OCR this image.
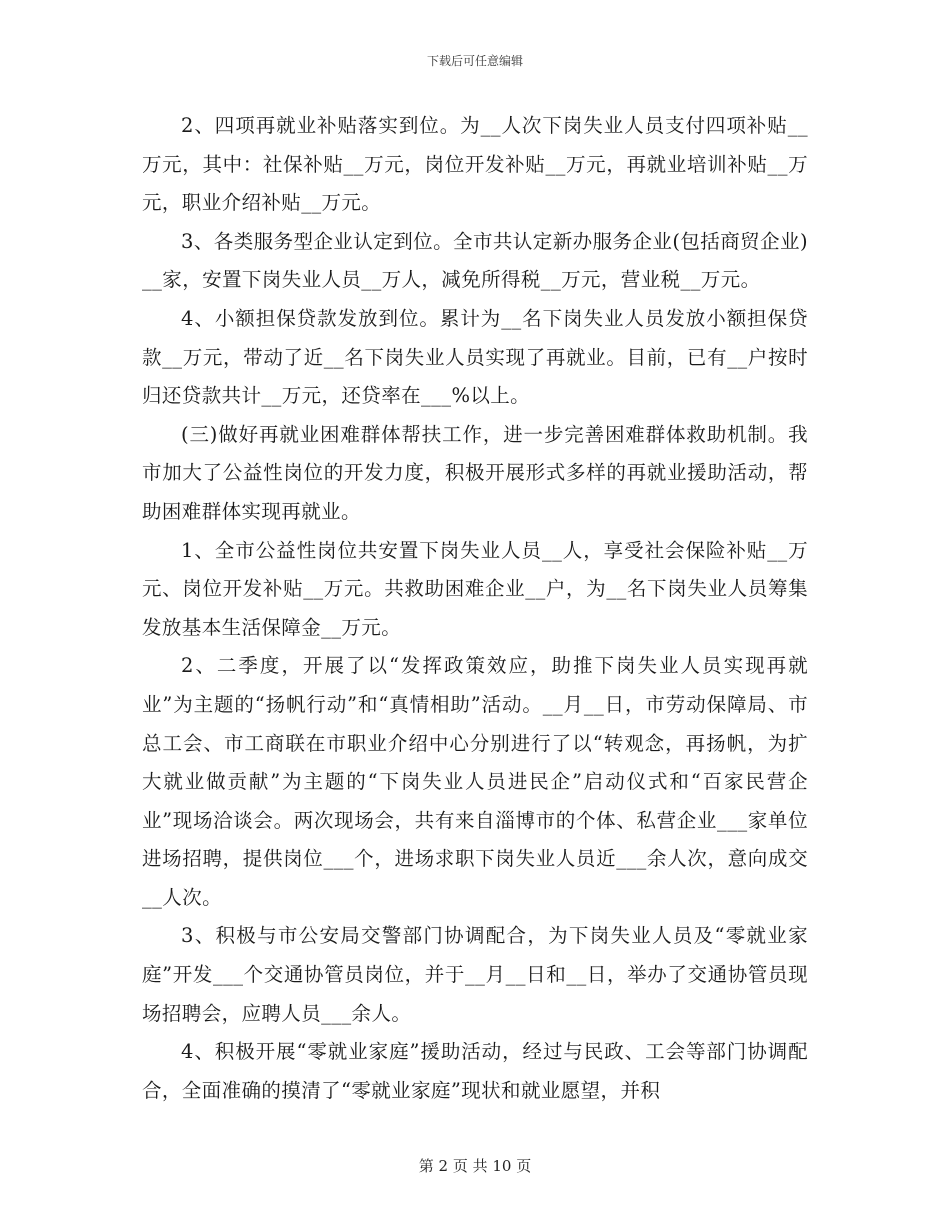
下载后可任意编辑

2、四项再就业补贴落实到位。为__人次下岗失业人员支付四项补贴__万元，其中：社保补贴__万元，岗位开发补贴__万元，再就业培训补贴__万元，职业介绍补贴__万元。

3、各类服务型企业认定到位。全市共认定新办服务企业(包括商贸企业)__家，安置下岗失业人员__万人，减免所得税__万元，营业税__万元。

4、小额担保贷款发放到位。累计为__名下岗失业人员发放小额担保贷款__万元，带动了近__名下岗失业人员实现了再就业。目前，已有__户按时归还贷款共计__万元，还贷率在___%以上。

(三)做好再就业困难群体帮扶工作，进一步完善困难群体救助机制。我市加大了公益性岗位的开发力度，积极开展形式多样的再就业援助活动，帮助困难群体实现再就业。

1、全市公益性岗位共安置下岗失业人员__人，享受社会保险补贴__万元、岗位开发补贴__万元。共救助困难企业__户，为__名下岗失业人员筹集发放基本生活保障金__万元。

2、二季度，开展了以“发挥政策效应，助推下岗失业人员实现再就业”为主题的“扬帆行动”和“真情相助”活动。__月__日，市劳动保障局、市总工会、市工商联在市职业介绍中心分别进行了以“转观念，再扬帆，为扩大就业做贡献”为主题的“下岗失业人员进民企”启动仪式和“百家民营企业”现场洽谈会。两次现场会，共有来自淄博市的个体、私营企业___家单位进场招聘，提供岗位___个，进场求职下岗失业人员近___余人次，意向成交__人次。

3、积极与市公安局交警部门协调配合，为下岗失业人员及“零就业家庭”开发___个交通协管员岗位，并于__月__日和__日，举办了交通协管员现场招聘会，应聘人员___余人。

4、积极开展“零就业家庭”援助活动，经过与民政、工会等部门协调配合，全面准确的摸清了“零就业家庭”现状和就业愿望，并积

第 2 页 共 10 页
